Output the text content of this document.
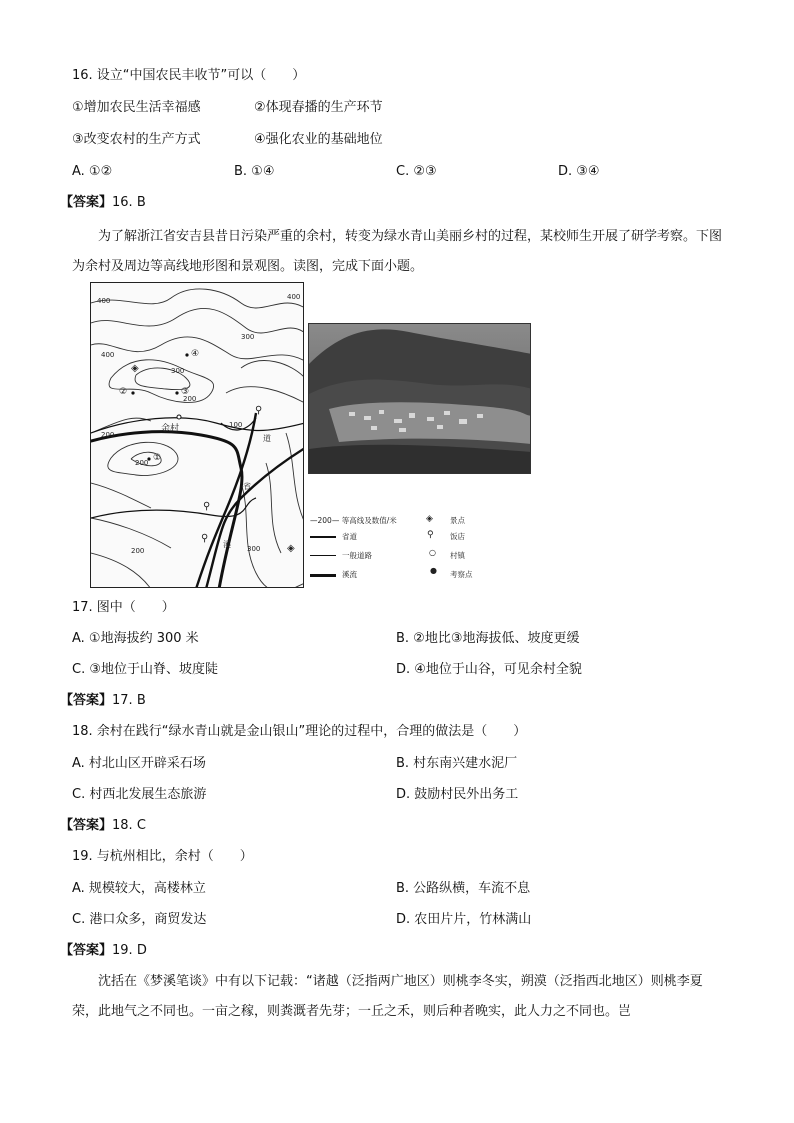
16. 设立“中国农民丰收节”可以（　　）
①增加农民生活幸福感	②体现春播的生产环节
③改变农村的生产方式	④强化农业的基础地位
A. ①②	B. ①④	C. ②③	D. ③④
【答案】16. B
为了解浙江省安吉县昔日污染严重的余村，转变为绿水青山美丽乡村的过程，某校师生开展了研学考察。下图为余村及周边等高线地形图和景观图。读图，完成下面小题。
400
400
300
200
200
200
100
300
200
300
400
余村
①
②	③
④
省
道
溪
⚲
⚲
⚲
◈
◈
—200— 等高线及数值/米
省道
一般道路
溪流
◈ 景点
⚲ 饭店
○ 村镇
● 考察点
17. 图中（　　）
A. ①地海拔约 300 米	B. ②地比③地海拔低、坡度更缓
C. ③地位于山脊、坡度陡	D. ④地位于山谷，可见余村全貌
【答案】17. B
18. 余村在践行“绿水青山就是金山银山”理论的过程中，合理的做法是（　　）
A. 村北山区开辟采石场	B. 村东南兴建水泥厂
C. 村西北发展生态旅游	D. 鼓励村民外出务工
【答案】18. C
19. 与杭州相比，余村（　　）
A. 规模较大，高楼林立	B. 公路纵横，车流不息
C. 港口众多，商贸发达	D. 农田片片，竹林满山
【答案】19. D
沈括在《梦溪笔谈》中有以下记载：“诸越（泛指两广地区）则桃李冬实，朔漠（泛指西北地区）则桃李夏荣，此地气之不同也。一亩之稼，则粪溉者先芽；一丘之禾，则后种者晚实，此人力之不同也。岂
